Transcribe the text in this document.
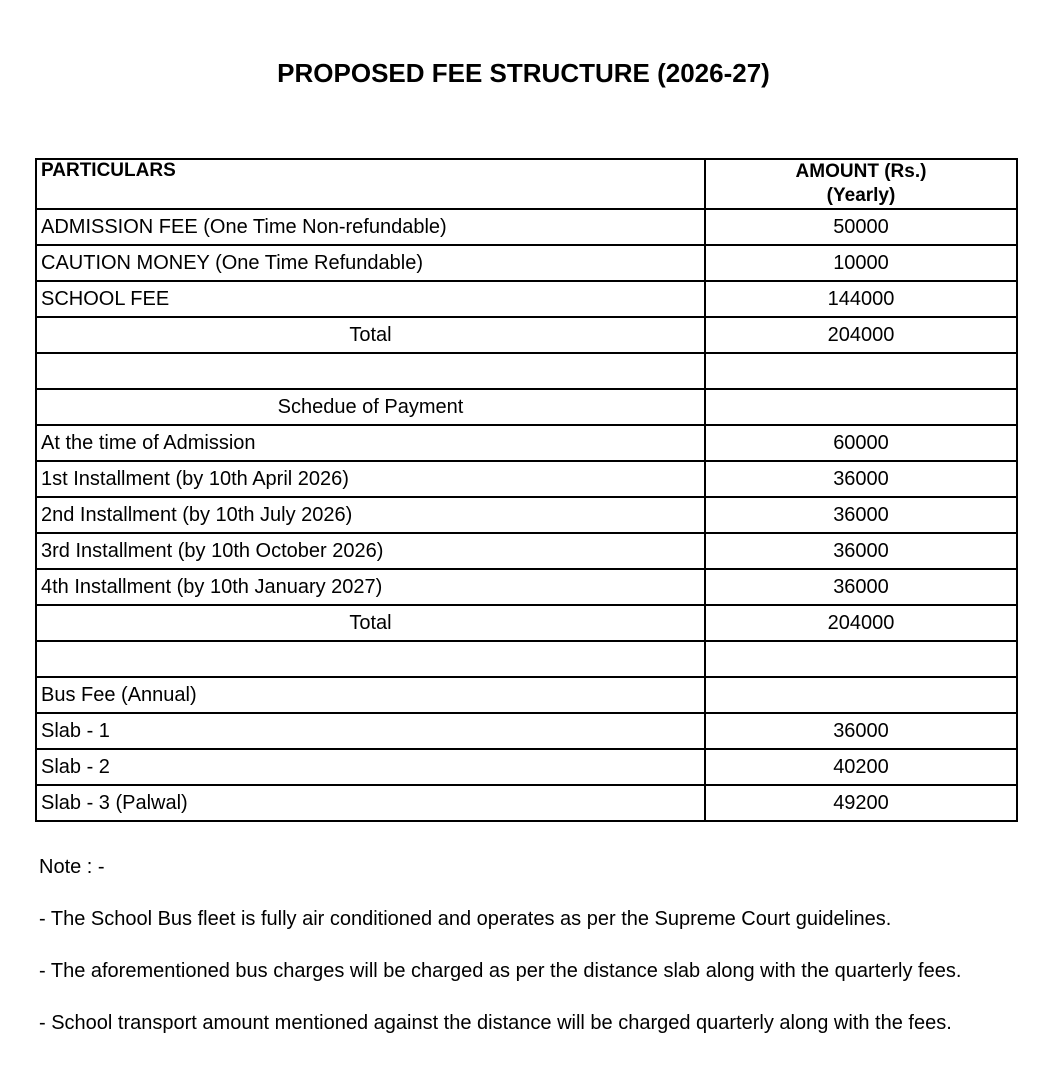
PROPOSED FEE STRUCTURE (2026-27)
PARTICULARS	AMOUNT (Rs.)
(Yearly)

ADMISSION FEE (One Time Non-refundable)	50000
CAUTION MONEY (One Time Refundable)	10000
SCHOOL FEE	144000
Total	204000

Schedue of Payment	
At the time of Admission	60000
1st Installment (by 10th April 2026)	36000
2nd Installment (by 10th July 2026)	36000
3rd Installment (by 10th October 2026)	36000
4th Installment (by 10th January 2027)	36000
Total	204000

Bus Fee (Annual)	
Slab - 1	36000
Slab - 2	40200
Slab - 3 (Palwal)	49200

Note : -

- The School Bus fleet is fully air conditioned and operates as per the Supreme Court guidelines.

- The aforementioned bus charges will be charged as per the distance slab along with the quarterly fees.

- School transport amount mentioned against the distance will be charged quarterly along with the fees.
